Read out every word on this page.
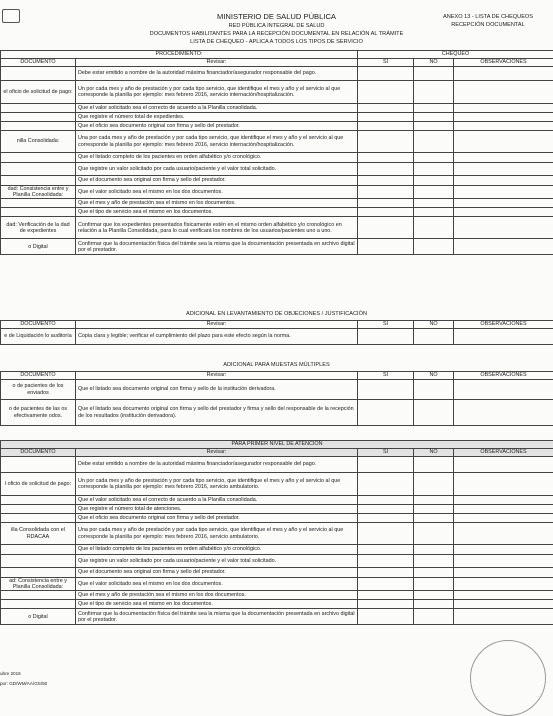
MINISTERIO DE SALUD PÚBLICA
RED PÚBLICA INTEGRAL DE SALUD
DOCUMENTOS HABILITANTES PARA LA RECEPCIÓN DOCUMENTAL EN RELACIÓN AL TRÁMITE
LISTA DE CHEQUEO - APLICA A TODOS LOS TIPOS DE SERVICIO
ANEXO 13 - LISTA DE CHEQUEOS
RECEPCIÓN DOCUMENTAL
PROCEDIMIENTO:		CHEQUEO		
DOCUMENTO	Revisar:	SI	NO	OBSERVACIONES
	Debe estar emitido a nombre de la autoridad máxima financiador/asegurador responsable del pago.			
el oficio de solicitud de pago:	Un por cada mes y año de prestación y por cada tipo servicio, que identifique el mes y año y el servicio al que corresponde la planilla por ejemplo: mes febrero 2016, servicio internación/hospitalización.			
	Que el valor solicitado sea el correcto de acuerdo a la Planilla consolidada.			
	Que registre el número total de expedientes.			
	Que el oficio sea documento original con firma y sello del prestador.			
nilla Consolidada:	Una por cada mes y año de prestación y por cada tipo servicio, que identifique el mes y año y el servicio al que corresponde la planilla por ejemplo: mes febrero 2016, servicio internación/hospitalización.			
	Que el listado completo de los pacientes en orden alfabético y/o cronológico.			
	Que registre un valor solicitado por cada usuario/paciente y el valor total solicitado.			
	Que el documento sea original con firma y sello del prestador.			
dad: Consistencia entre y Planilla Consolidada:	Que el valor solicitado sea el mismo en los dos documentos.			
	Que el mes y año de prestación sea el mismo en los documentos.			
	Que el tipo de servicio sea el mismo en los documentos.			
dad: Verificación de la dad de expedientes	Confirmar que los expedientes presentados físicamente estén en el mismo orden alfabético y/o cronológico en relación a la Planilla Consolidada, para lo cual verificará los nombres de los usuarios/pacientes uno a uno.			
o Digital	Confirmar que la documentación física del trámite sea la misma que la documentación presentada en archivo digital por el prestador.			
ADICIONAL EN LEVANTAMIENTO DE OBJECIONES / JUSTIFICACIÓN
DOCUMENTO	Revisar:	SI	NO	OBSERVACIONES
e de Liquidación lo auditoría	Copia clara y legible; verificar el cumplimiento del plazo para este efecto según la norma.			
ADICIONAL PARA MUESTAS MÚLTIPLES
DOCUMENTO	Revisar:	SI	NO	OBSERVACIONES
o de pacientes de los enviados	Que el listado sea documento original con firma y sello de la institución derivadora.			
o de pacientes de las os efectivamente odos.	Que el listado sea documento original con firma y sello del prestador y firma y sello del responsable de la recepción de los resultados (institución derivadora).			
PARA PRIMER NIVEL DE ATENCIÓN				
DOCUMENTO	Revisar:	SI	NO	OBSERVACIONES
	Debe estar emitido a nombre de la autoridad máxima financiador/asegurador responsable del pago.			
l oficio de solicitud de pago:	Un por cada mes y año de prestación y por cada tipo servicio, que identifique el mes y año y el servicio al que corresponde la planilla por ejemplo: mes febrero 2016, servicio ambulatorio.			
	Que el valor solicitado sea el correcto de acuerdo a la Planilla consolidada.			
	Que registre el número total de atenciones.			
	Que el oficio sea documento original con firma y sello del prestador.			
illa Consolidada con el RDACAA	Una por cada mes y año de prestación y por cada tipo servicio, que identifique el mes y año y el servicio al que corresponde la planilla por ejemplo: mes febrero 2016, servicio ambulatorio.			
	Que el listado completo de los pacientes en orden alfabético y/o cronológico.			
	Que registre un valor solicitado por cada usuario/paciente y el valor total solicitado.			
	Que el documento sea original con firma y sello del prestador.			
ad: Consistencia entre y Planilla Consolidada:	Que el valor solicitado sea el mismo en los dos documentos.			
	Que el mes y año de prestación sea el mismo en los dos documentos.			
	Que el tipo de servicio sea el mismo en los documentos.			
o Digital	Confirmar que la documentación física del trámite sea la misma que la documentación presentada en archivo digital por el prestador.			
ubre 2016
por: GD/WM/AA/GS/50
